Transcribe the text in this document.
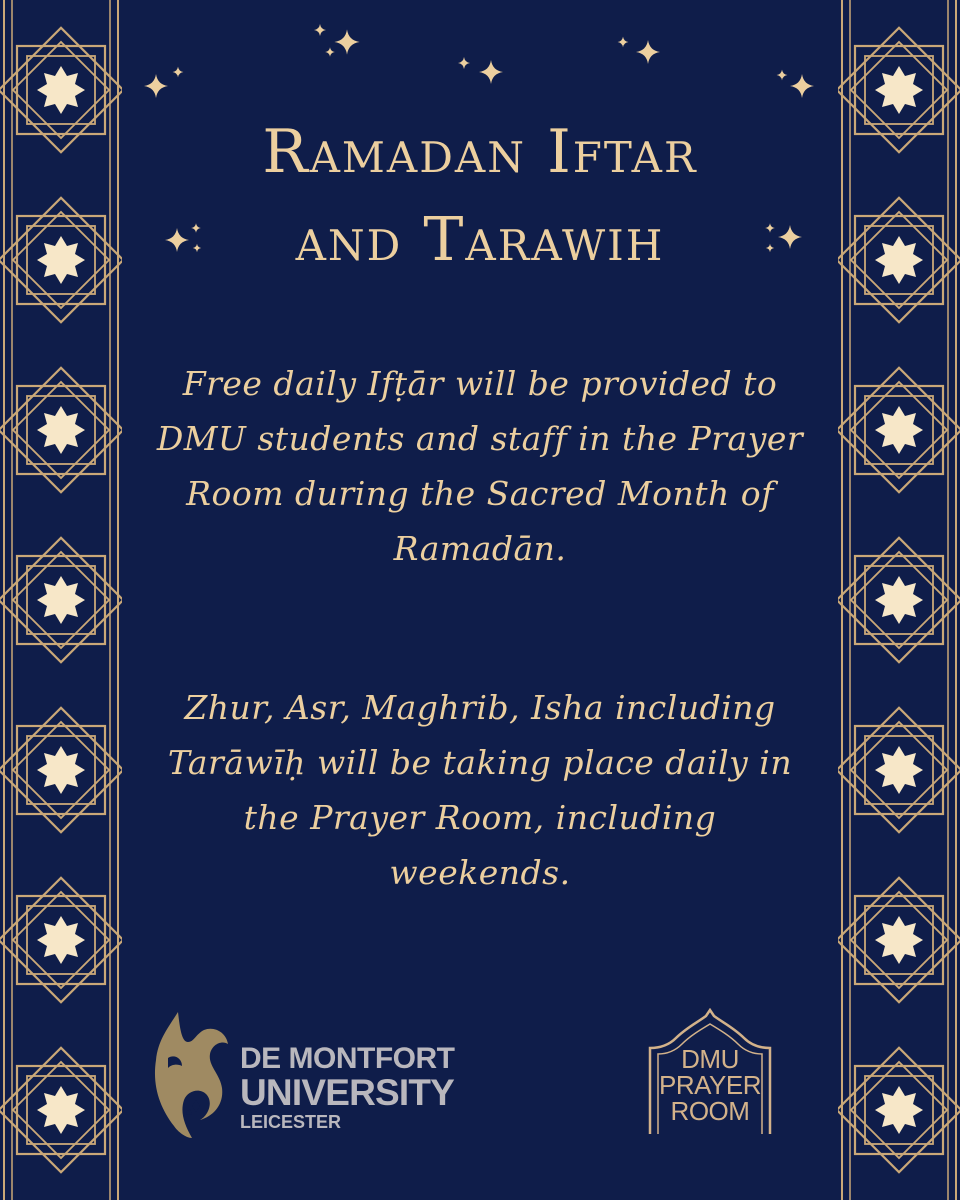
Ramadan Iftar
and Tarawih
Free daily Ifṭār will be provided to DMU students and staff in the Prayer Room during the Sacred Month of Ramadān.
Zhur, Asr, Maghrib, Isha including Tarāwīḥ will be taking place daily in the Prayer Room, including weekends.
DE MONTFORT
UNIVERSITY
LEICESTER
DMU
PRAYER
ROOM
